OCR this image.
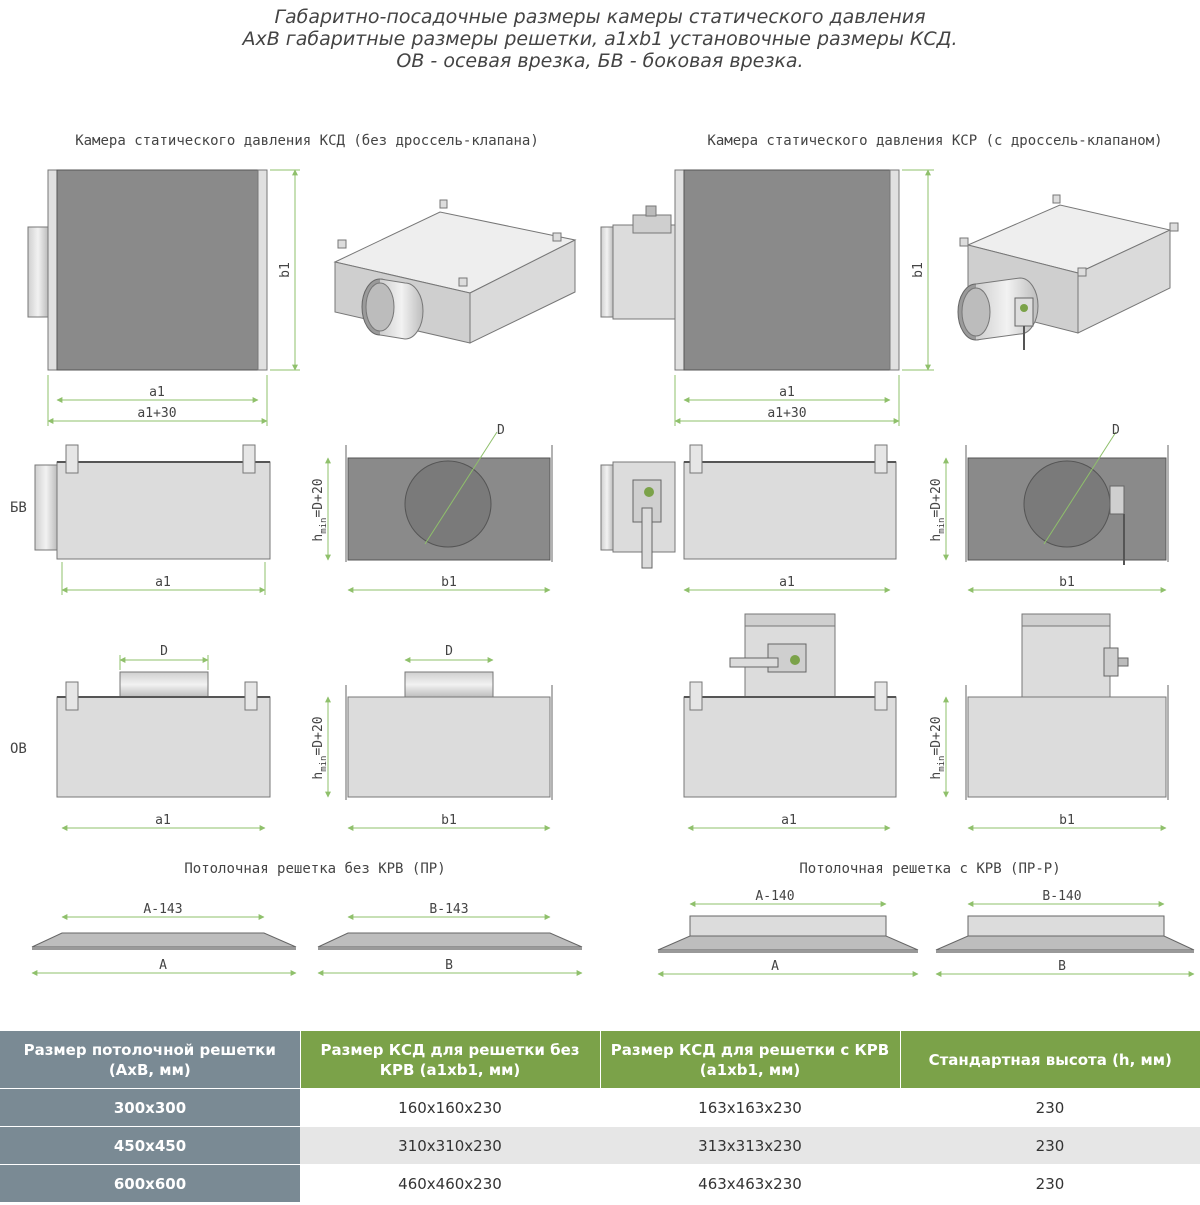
Габаритно-посадочные размеры камеры статического давления
AxB габаритные размеры решетки, a1xb1 установочные размеры КСД.
ОВ - осевая врезка, БВ - боковая врезка.
Камера статического давления КСД (без дроссель-клапана)	Камера статического давления КСР (с дроссель-клапаном)
БВ
ОВ
b1
a1
a1+30
b1
a1
a1+30
a1
D
$h_{min}=D+20$
b1	a1
D
$h_{min}=D+20$
b1
D
a1
D
$h_{min}=D+20$
b1	a1
$h_{min}=D+20$
b1
Потолочная решетка без КРВ (ПР)	Потолочная решетка с КРВ (ПР-Р)
A-143
A
B-143
B
A-140
A
B-140
B
Размер потолочной решетки (AxB, мм)	Размер КСД для решетки без КРВ (a1xb1, мм)	Размер КСД для решетки с КРВ (a1xb1, мм)	Стандартная высота (h, мм)
300x300	160x160x230	163x163x230	230
450x450	310x310x230	313x313x230	230
600x600	460x460x230	463x463x230	230
